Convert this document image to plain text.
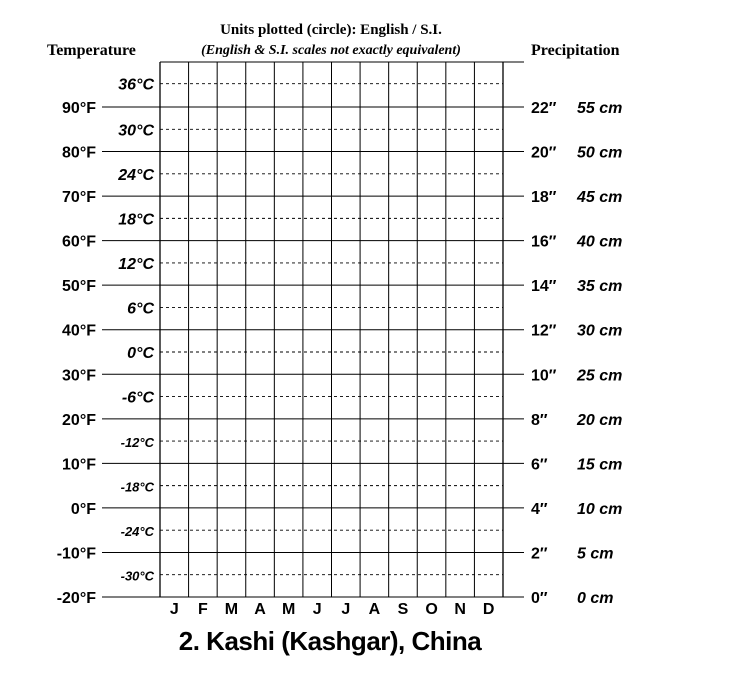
Units plotted (circle): English / S.I.
(English & S.I. scales not exactly equivalent)
Temperature	Precipitation
90°F	22″ 55 cm
80°F	20″ 50 cm
70°F	18″ 45 cm
60°F	16″ 40 cm
50°F	14″ 35 cm
40°F	12″ 30 cm
30°F	10″ 25 cm
20°F	8″ 20 cm
10°F	6″ 15 cm
0°F	4″ 10 cm
-10°F	2″ 5 cm
-20°F	0″ 0 cm
36°C
30°C
24°C
18°C
12°C
6°C
0°C
-6°C
-12°C
-18°C
-24°C
-30°C
J F M A M J J A S O N D
2. Kashi (Kashgar), China
